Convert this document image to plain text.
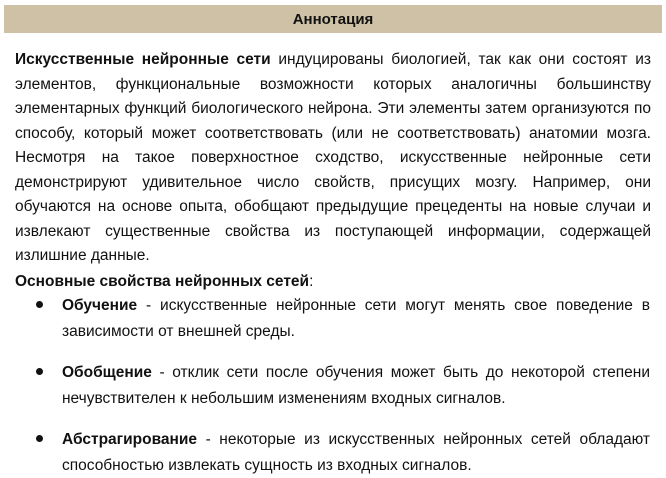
Аннотация

Искусственные нейронные сети индуцированы биологией, так как они состоят из элементов, функциональные возможности которых аналогичны большинству элементарных функций биологического нейрона. Эти элементы затем организуются по способу, который может соответствовать (или не соответствовать) анатомии мозга. Несмотря на такое поверхностное сходство, искусственные нейронные сети демонстрируют удивительное число свойств, присущих мозгу. Например, они обучаются на основе опыта, обобщают предыдущие прецеденты на новые случаи и извлекают существенные свойства из поступающей информации, содержащей излишние данные.

Основные свойства нейронных сетей:

Обучение - искусственные нейронные сети могут менять свое поведение в зависимости от внешней среды.

Обобщение - отклик сети после обучения может быть до некоторой степени нечувствителен к небольшим изменениям входных сигналов.

Абстрагирование - некоторые из искусственных нейронных сетей обладают способностью извлекать сущность из входных сигналов.
